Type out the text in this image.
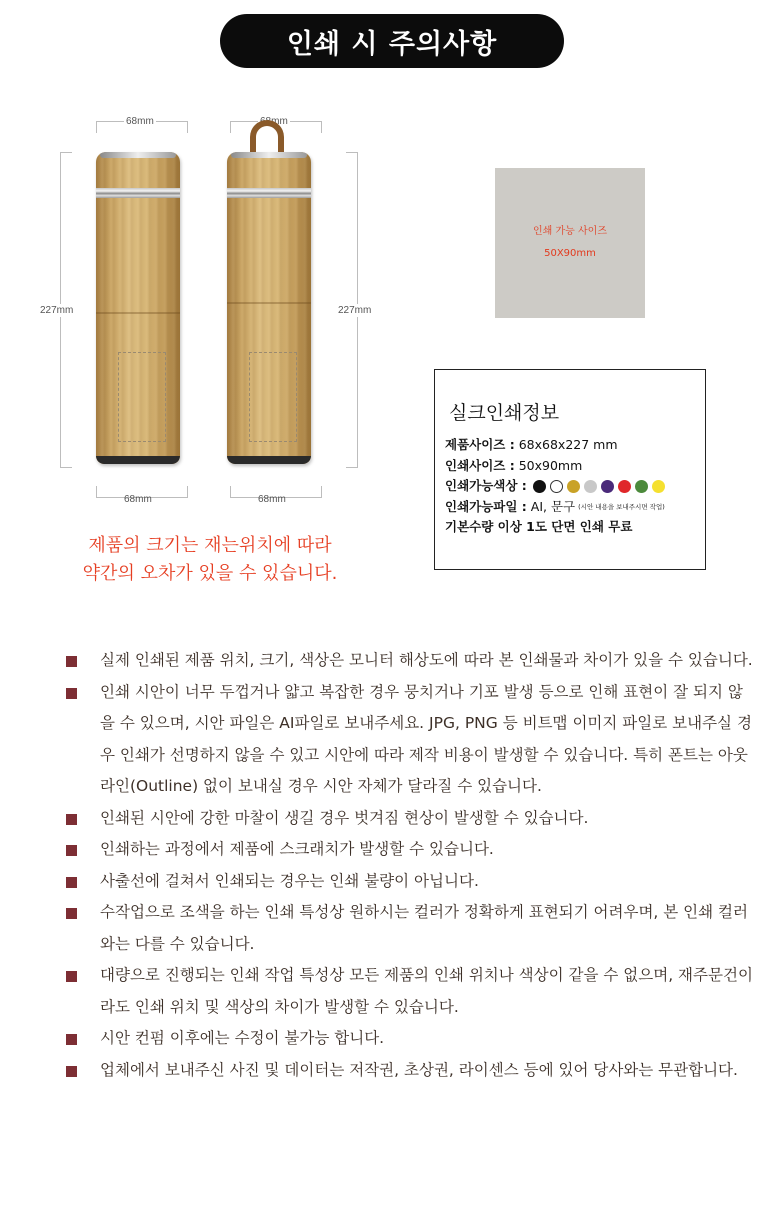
인쇄 시 주의사항
68mm
227mm
68mm
68mm
227mm
68mm
인쇄 가능 사이즈
50X90mm
실크인쇄정보
제품사이즈 :
68x68x227 mm
인쇄사이즈 :
50x90mm
인쇄가능색상 :
인쇄가능파일 :
AI, 문구 (시안 내용을 보내주시면 작업)
기본수량 이상 1도 단면 인쇄 무료
제품의 크기는 재는위치에 따라
약간의 오차가 있을 수 있습니다.
실제 인쇄된 제품 위치, 크기, 색상은 모니터 해상도에 따라 본 인쇄물과 차이가 있을 수 있습니다.
인쇄 시안이 너무 두껍거나 얇고 복잡한 경우 뭉치거나 기포 발생 등으로 인해 표현이 잘 되지 않을 수 있으며, 시안 파일은 AI파일로 보내주세요. JPG, PNG 등 비트맵 이미지 파일로 보내주실 경우 인쇄가 선명하지 않을 수 있고 시안에 따라 제작 비용이 발생할 수 있습니다. 특히 폰트는 아웃라인(Outline) 없이 보내실 경우 시안 자체가 달라질 수 있습니다.
인쇄된 시안에 강한 마찰이 생길 경우 벗겨짐 현상이 발생할 수 있습니다.
인쇄하는 과정에서 제품에 스크래치가 발생할 수 있습니다.
사출선에 걸쳐서 인쇄되는 경우는 인쇄 불량이 아닙니다.
수작업으로 조색을 하는 인쇄 특성상 원하시는 컬러가 정확하게 표현되기 어려우며, 본 인쇄 컬러와는 다를 수 있습니다.
대량으로 진행되는 인쇄 작업 특성상 모든 제품의 인쇄 위치나 색상이 같을 수 없으며, 재주문건이라도 인쇄 위치 및 색상의 차이가 발생할 수 있습니다.
시안 컨펌 이후에는 수정이 불가능 합니다.
업체에서 보내주신 사진 및 데이터는 저작권, 초상권, 라이센스 등에 있어 당사와는 무관합니다.
